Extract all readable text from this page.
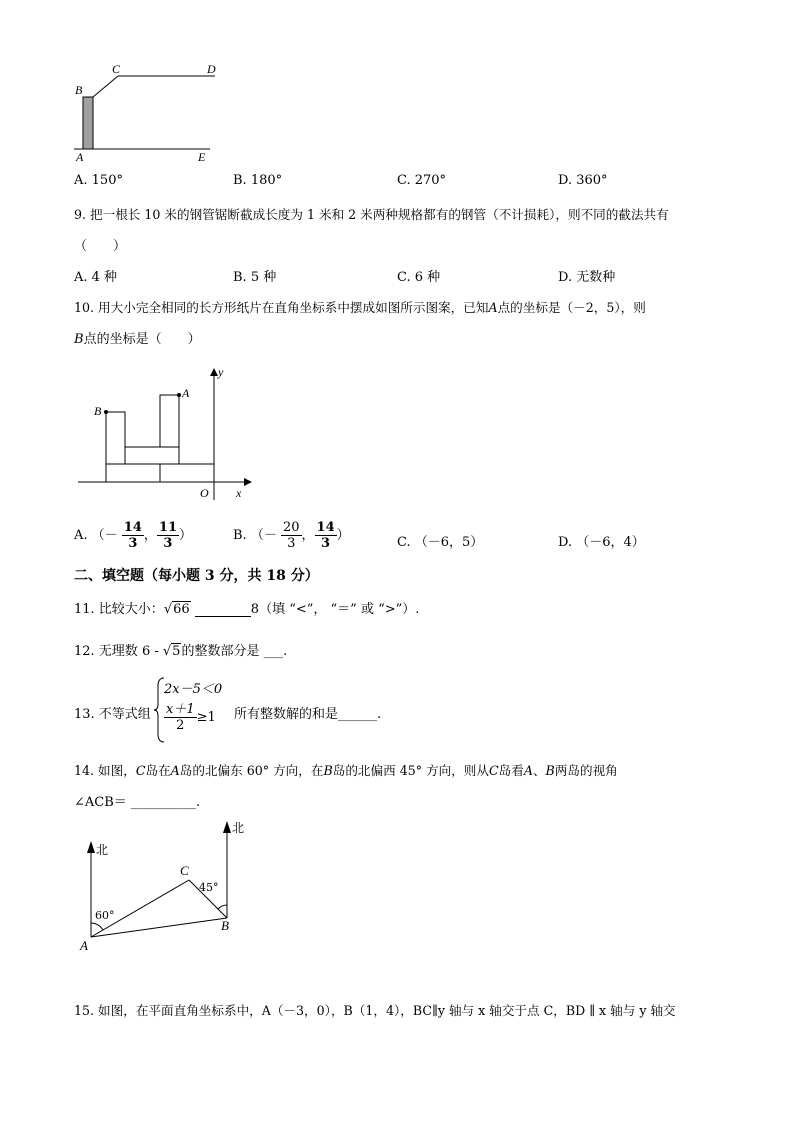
B
C	D
A	E
A. 150°	B. 180°	C. 270°	D. 360°
9. 把一根长 10 米的钢管锯断截成长度为 1 米和 2 米两种规格都有的钢管（不计损耗），则不同的截法共有
（　　）
A. 4 种	B. 5 种	C. 6 种	D. 无数种
10. 用大小完全相同的长方形纸片在直角坐标系中摆成如图所示图案，已知A点的坐标是（－2，5），则
B点的坐标是（　　）
y
A
B
O x
A. （－ $\frac{14}{3}$ ， $\frac{11}{3}$ ）	B. （－ $\frac{20}{3}$ ， $\frac{14}{3}$ ）	C. （－6，5）	D. （－6，4）
二、填空题（每小题 3 分，共 18 分）
11. 比较大小：√66	8（填 “<”， “＝” 或 “>”）.
12. 无理数 6 - √5的整数部分是 ___.
13. 不等式组
2x－5＜0
$\frac{x+1}{2} \ge 1$ 所有整数解的和是______.
14. 如图，C岛在A岛的北偏东 60° 方向，在B岛的北偏西 45° 方向，则从C岛看A、B两岛的视角
∠ACB＝ __________.
北
北
C
A
B
60°
45°
15. 如图，在平面直角坐标系中，A（－3，0），B（1，4），BC∥y 轴与 x 轴交于点 C，BD ∥ x 轴与 y 轴交
